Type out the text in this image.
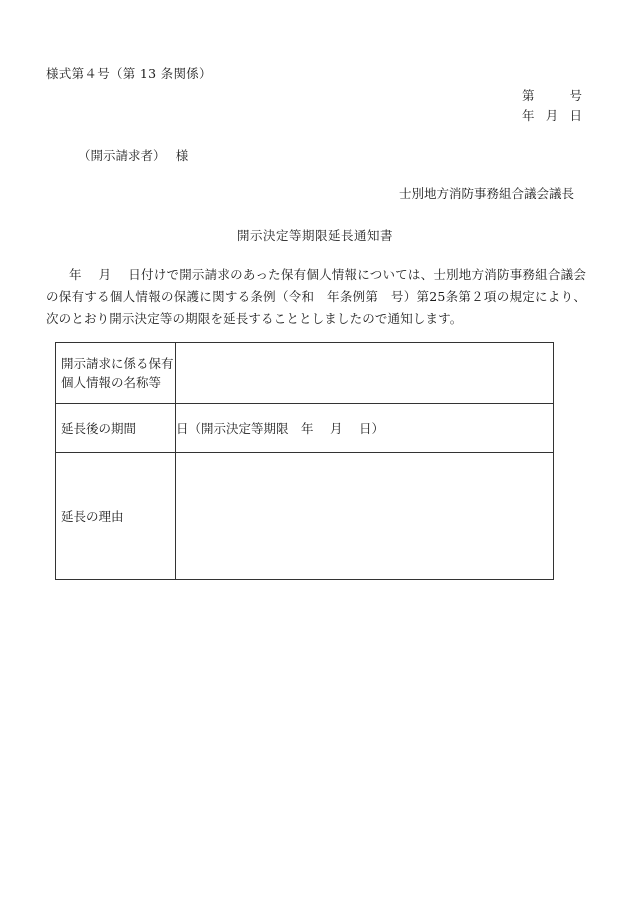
様式第４号（第 13 条関係）
第	号
年 月 日
（開示請求者）　 様
士別地方消防事務組合議会議長
開示決定等期限延長通知書
年　 月　 日付けで開示請求のあった保有個人情報については、士別地方消防事務組合議会の保有する個人情報の保護に関する条例（令和　年条例第　号）第25条第２項の規定により、次のとおり開示決定等の期限を延長することとしましたので通知します。
開示請求に係る保有個人情報の名称等	
延長後の期間	日（開示決定等期限　年　 月　 日）
延長の理由	
